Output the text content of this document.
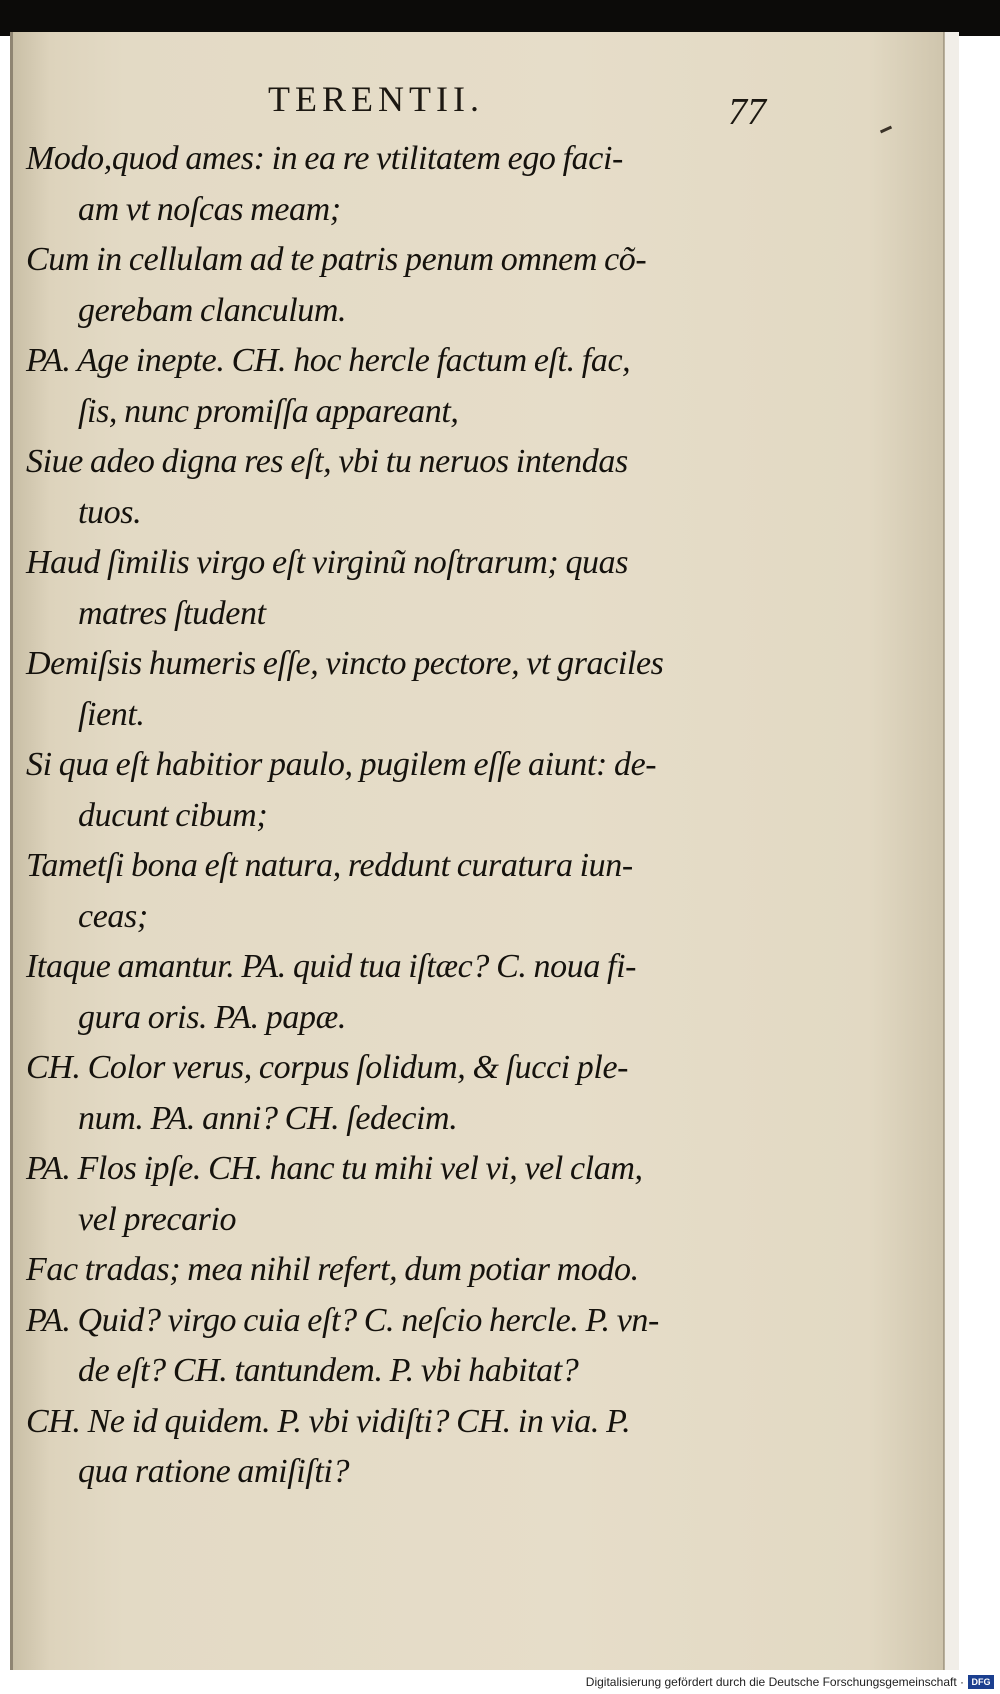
TERENTII.	77
Modo,quod ames: in ea re vtilitatem ego faci-
am vt noſcas meam;
Cum in cellulam ad te patris penum omnem cõ-
gerebam clanculum.
PA. Age inepte. CH. hoc hercle factum eſt. fac,
ſis, nunc promiſſa appareant,
Siue adeo digna res eſt, vbi tu neruos intendas
tuos.
Haud ſimilis virgo eſt virginũ noſtrarum; quas
matres ſtudent
Demiſsis humeris eſſe, vincto pectore, vt graciles
ſient.
Si qua eſt habitior paulo, pugilem eſſe aiunt: de-
ducunt cibum;
Tametſi bona eſt natura, reddunt curatura iun-
ceas;
Itaque amantur. PA. quid tua iſtæc? C. noua fi-
gura oris. PA. papæ.
CH. Color verus, corpus ſolidum, & ſucci ple-
num. PA. anni? CH. ſedecim.
PA. Flos ipſe. CH. hanc tu mihi vel vi, vel clam,
vel precario
Fac tradas; mea nihil refert, dum potiar modo.
PA. Quid? virgo cuia eſt? C. neſcio hercle. P. vn-
de eſt? CH. tantundem. P. vbi habitat?
CH. Ne id quidem. P. vbi vidiſti? CH. in via. P.
qua ratione amiſiſti?
Digitalisierung gefördert durch die Deutsche Forschungsgemeinschaft · DFG
